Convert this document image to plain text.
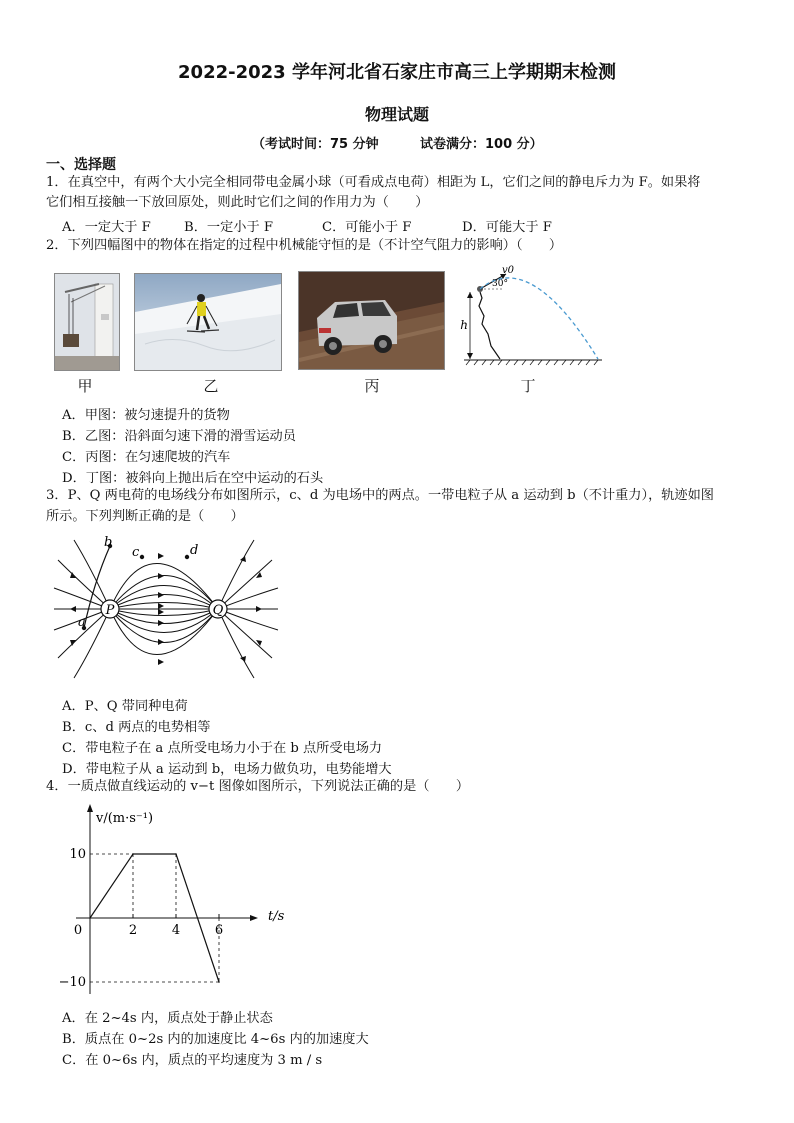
2022-2023 学年河北省石家庄市高三上学期期末检测
物理试题
（考试时间：75 分钟	试卷满分：100 分）
一、选择题
1．在真空中，有两个大小完全相同带电金属小球（可看成点电荷）相距为 L，它们之间的静电斥力为 F。如果将
它们相互接触一下放回原处，则此时它们之间的作用力为（　　）
A．一定大于 F	B．一定小于 F	C．可能小于 F	D．可能大于 F
2．下列四幅图中的物体在指定的过程中机械能守恒的是（不计空气阻力的影响）（　　）
甲	乙	丙
h
v0
30°
丁
A．甲图：被匀速提升的货物
B．乙图：沿斜面匀速下滑的滑雪运动员
C．丙图：在匀速爬坡的汽车
D．丁图：被斜向上抛出后在空中运动的石头
3．P、Q 两电荷的电场线分布如图所示，c、d 为电场中的两点。一带电粒子从 a 运动到 b（不计重力），轨迹如图
所示。下列判断正确的是（　　）
P	Q
a
b
c	d
A．P、Q 带同种电荷
B．c、d 两点的电势相等
C．带电粒子在 a 点所受电场力小于在 b 点所受电场力
D．带电粒子从 a 运动到 b，电场力做负功，电势能增大
4．一质点做直线运动的 v−t 图像如图所示，下列说法正确的是（　　）
v/(m·s⁻¹)
t/s
0	2	4	6
10
−10
A．在 2~4s 内，质点处于静止状态
B．质点在 0~2s 内的加速度比 4~6s 内的加速度大
C．在 0~6s 内，质点的平均速度为 3 m / s
